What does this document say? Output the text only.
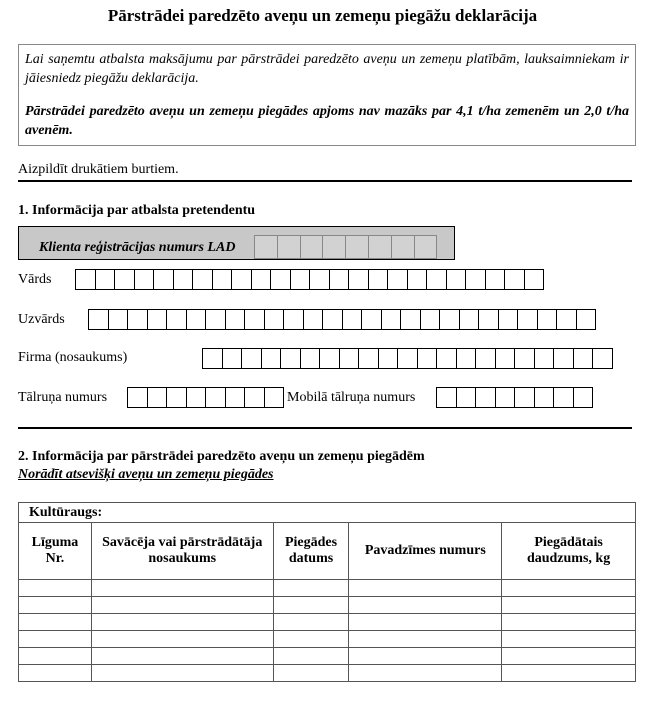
Pārstrādei paredzēto aveņu un zemeņu piegāžu deklarācija

Lai saņemtu atbalsta maksājumu par pārstrādei paredzēto aveņu un zemeņu platībām, lauksaimniekam ir jāiesniedz piegāžu deklarācija.

Pārstrādei paredzēto aveņu un zemeņu piegādes apjoms nav mazāks par 4,1 t/ha zemenēm un 2,0 t/ha avenēm.

Aizpildīt drukātiem burtiem.
1. Informācija par atbalsta pretendentu
Klienta reģistrācijas numurs LAD
Vārds
Uzvārds
Firma (nosaukums)
Tālruņa numurs	Mobilā tālruņa numurs
2. Informācija par pārstrādei paredzēto aveņu un zemeņu piegādēm
Norādīt atsevišķi aveņu un zemeņu piegādes
Kultūraugs:				
Līguma Nr.	Savācēja vai pārstrādātāja nosaukums	Piegādes datums	Pavadzīmes numurs	Piegādātais daudzums, kg
